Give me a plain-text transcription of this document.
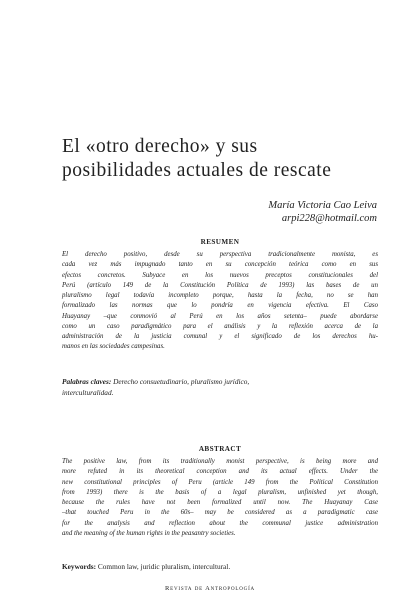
El «otro derecho» y sus
posibilidades actuales de rescate
María Victoria Cao Leiva
arpi228@hotmail.com
RESUMEN
El derecho positivo, desde su perspectiva tradicionalmente monista, es
cada vez más impugnado tanto en su concepción teórica como en sus
efectos concretos. Subyace en los nuevos preceptos constitucionales del
Perú (artículo 149 de la Constitución Política de 1993) las bases de un
pluralismo legal todavía incompleto porque, hasta la fecha, no se han
formalizado las normas que lo pondría en vigencia efectiva. El Caso
Huayanay –que conmovió al Perú en los años setenta– puede abordarse
como un caso paradigmático para el análisis y la reflexión acerca de la
administración de la justicia comunal y el significado de los derechos hu-
manos en las sociedades campesinas.
Palabras claves: Derecho consuetudinario, pluralismo jurídico,
interculturalidad.
ABSTRACT
The positive law, from its traditionally monist perspective, is being more and
more refuted in its theoretical conception and its actual effects. Under the
new constitutional principles of Peru (article 149 from the Political Constitution
from 1993) there is the basis of a legal pluralism, unfinished yet though,
because the rules have not been formalized until now. The Huayanay Case
–that touched Peru in the 60s– may be considered as a paradigmatic case
for the analysis and reflection about the communal justice administration
and the meaning of the human rights in the peasantry societies.
Keywords: Common law, juridic pluralism, intercultural.
Revista de Antropología
